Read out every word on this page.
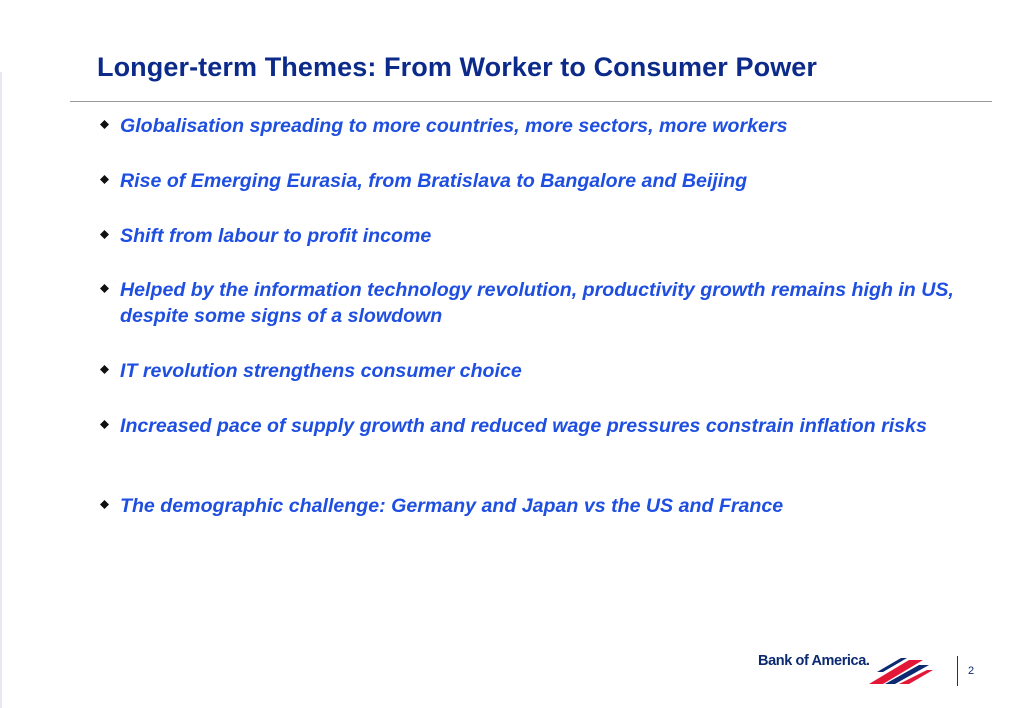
Longer-term Themes: From Worker to Consumer Power
Globalisation spreading to more countries, more sectors, more workers
Rise of Emerging Eurasia, from Bratislava to Bangalore and Beijing
Shift from labour to profit income
Helped by the information technology revolution, productivity growth remains high in US, despite some signs of a slowdown
IT revolution strengthens consumer choice
Increased pace of supply growth and reduced wage pressures constrain inflation risks
The demographic challenge: Germany and Japan vs the US and France
Bank of America.
2
